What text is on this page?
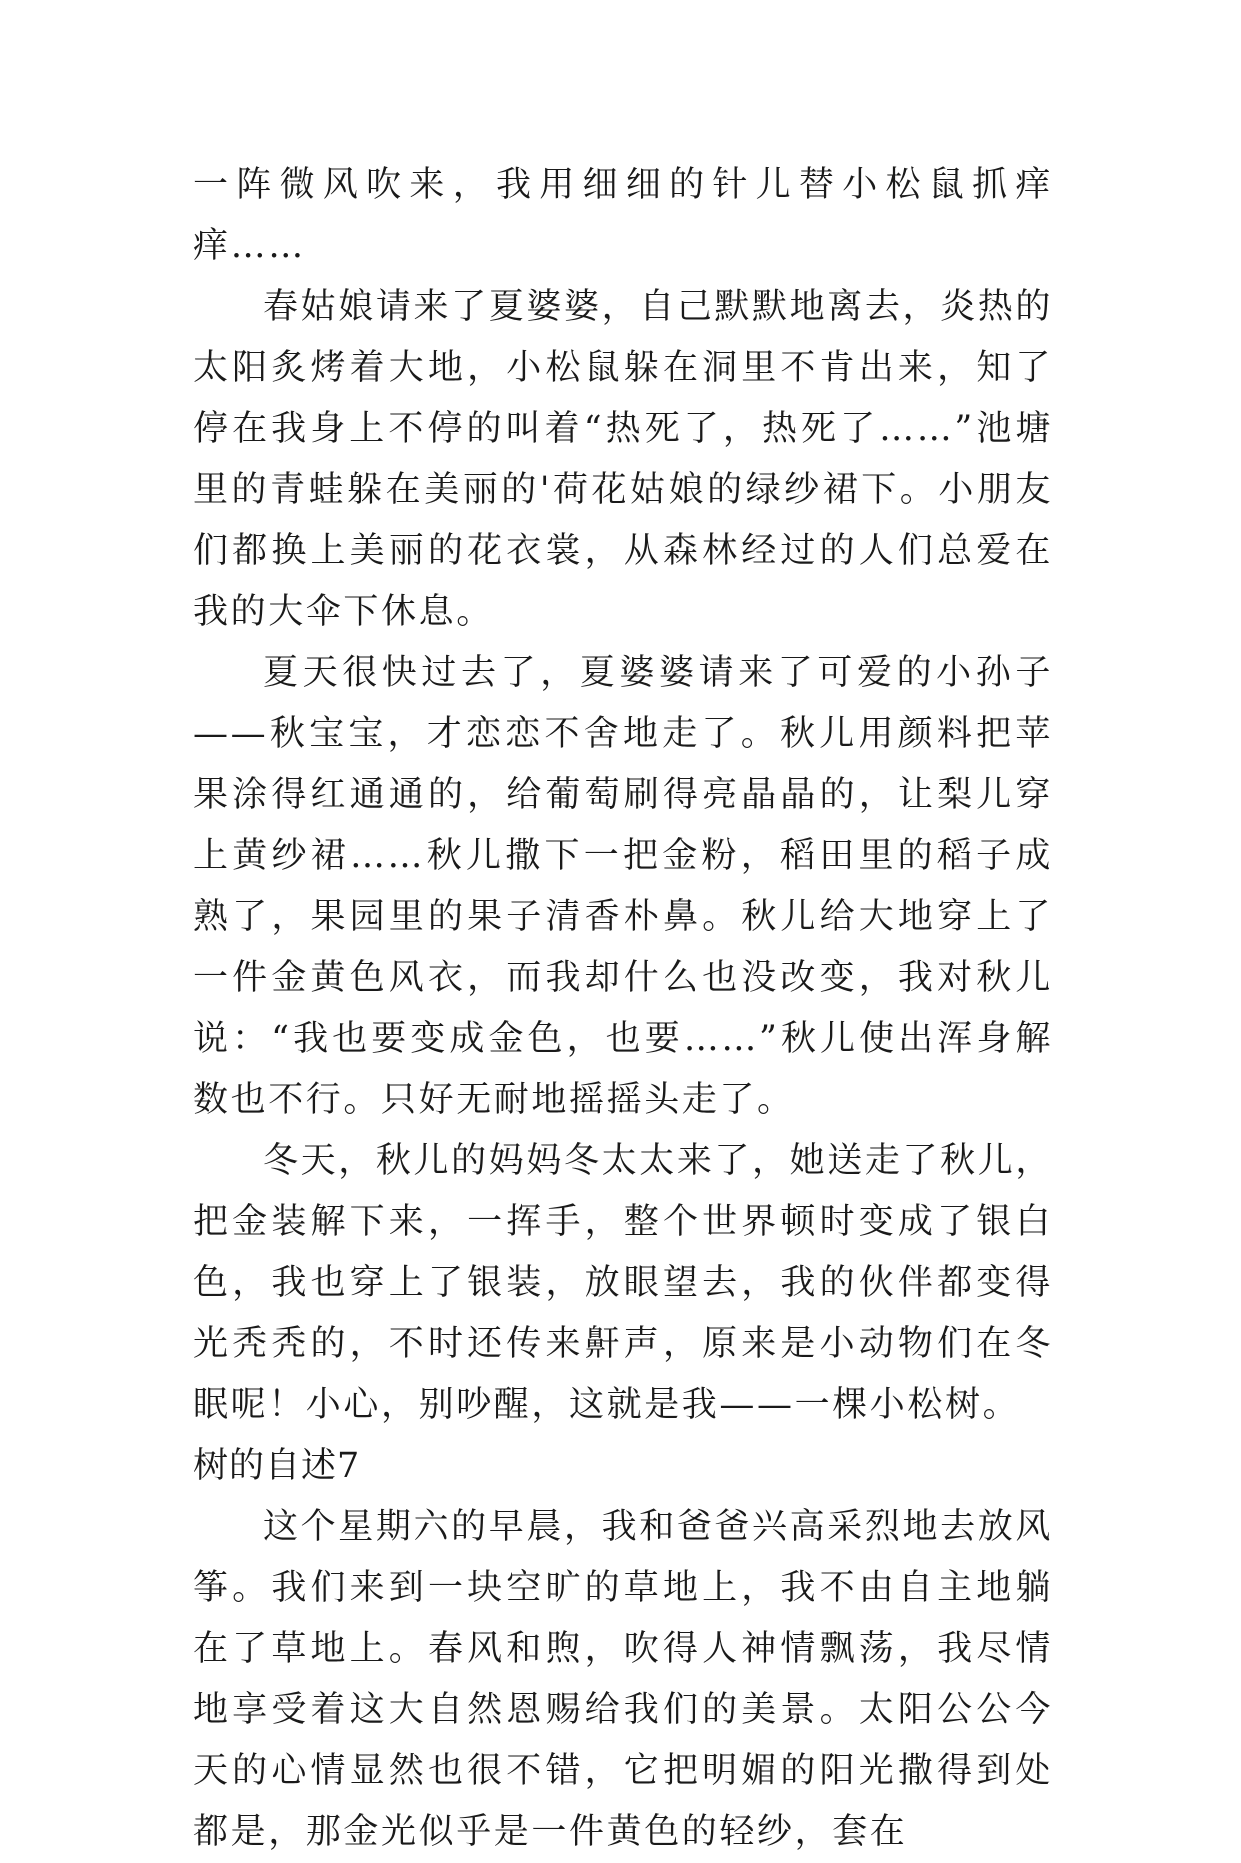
一阵微风吹来，我用细细的针儿替小松鼠抓痒痒……

春姑娘请来了夏婆婆，自己默默地离去，炎热的太阳炙烤着大地，小松鼠躲在洞里不肯出来，知了停在我身上不停的叫着“热死了，热死了……”池塘里的青蛙躲在美丽的'荷花姑娘的绿纱裙下。小朋友们都换上美丽的花衣裳，从森林经过的人们总爱在我的大伞下休息。

夏天很快过去了，夏婆婆请来了可爱的小孙子——秋宝宝，才恋恋不舍地走了。秋儿用颜料把苹果涂得红通通的，给葡萄刷得亮晶晶的，让梨儿穿上黄纱裙……秋儿撒下一把金粉，稻田里的稻子成熟了，果园里的果子清香朴鼻。秋儿给大地穿上了一件金黄色风衣，而我却什么也没改变，我对秋儿说：“我也要变成金色，也要……”秋儿使出浑身解数也不行。只好无耐地摇摇头走了。

冬天，秋儿的妈妈冬太太来了，她送走了秋儿，把金装解下来，一挥手，整个世界顿时变成了银白色，我也穿上了银装，放眼望去，我的伙伴都变得光秃秃的，不时还传来鼾声，原来是小动物们在冬眠呢！小心，别吵醒，这就是我——一棵小松树。

树的自述7

这个星期六的早晨，我和爸爸兴高采烈地去放风筝。我们来到一块空旷的草地上，我不由自主地躺在了草地上。春风和煦，吹得人神情飘荡，我尽情地享受着这大自然恩赐给我们的美景。太阳公公今天的心情显然也很不错，它把明媚的阳光撒得到处都是，那金光似乎是一件黄色的轻纱，套在
